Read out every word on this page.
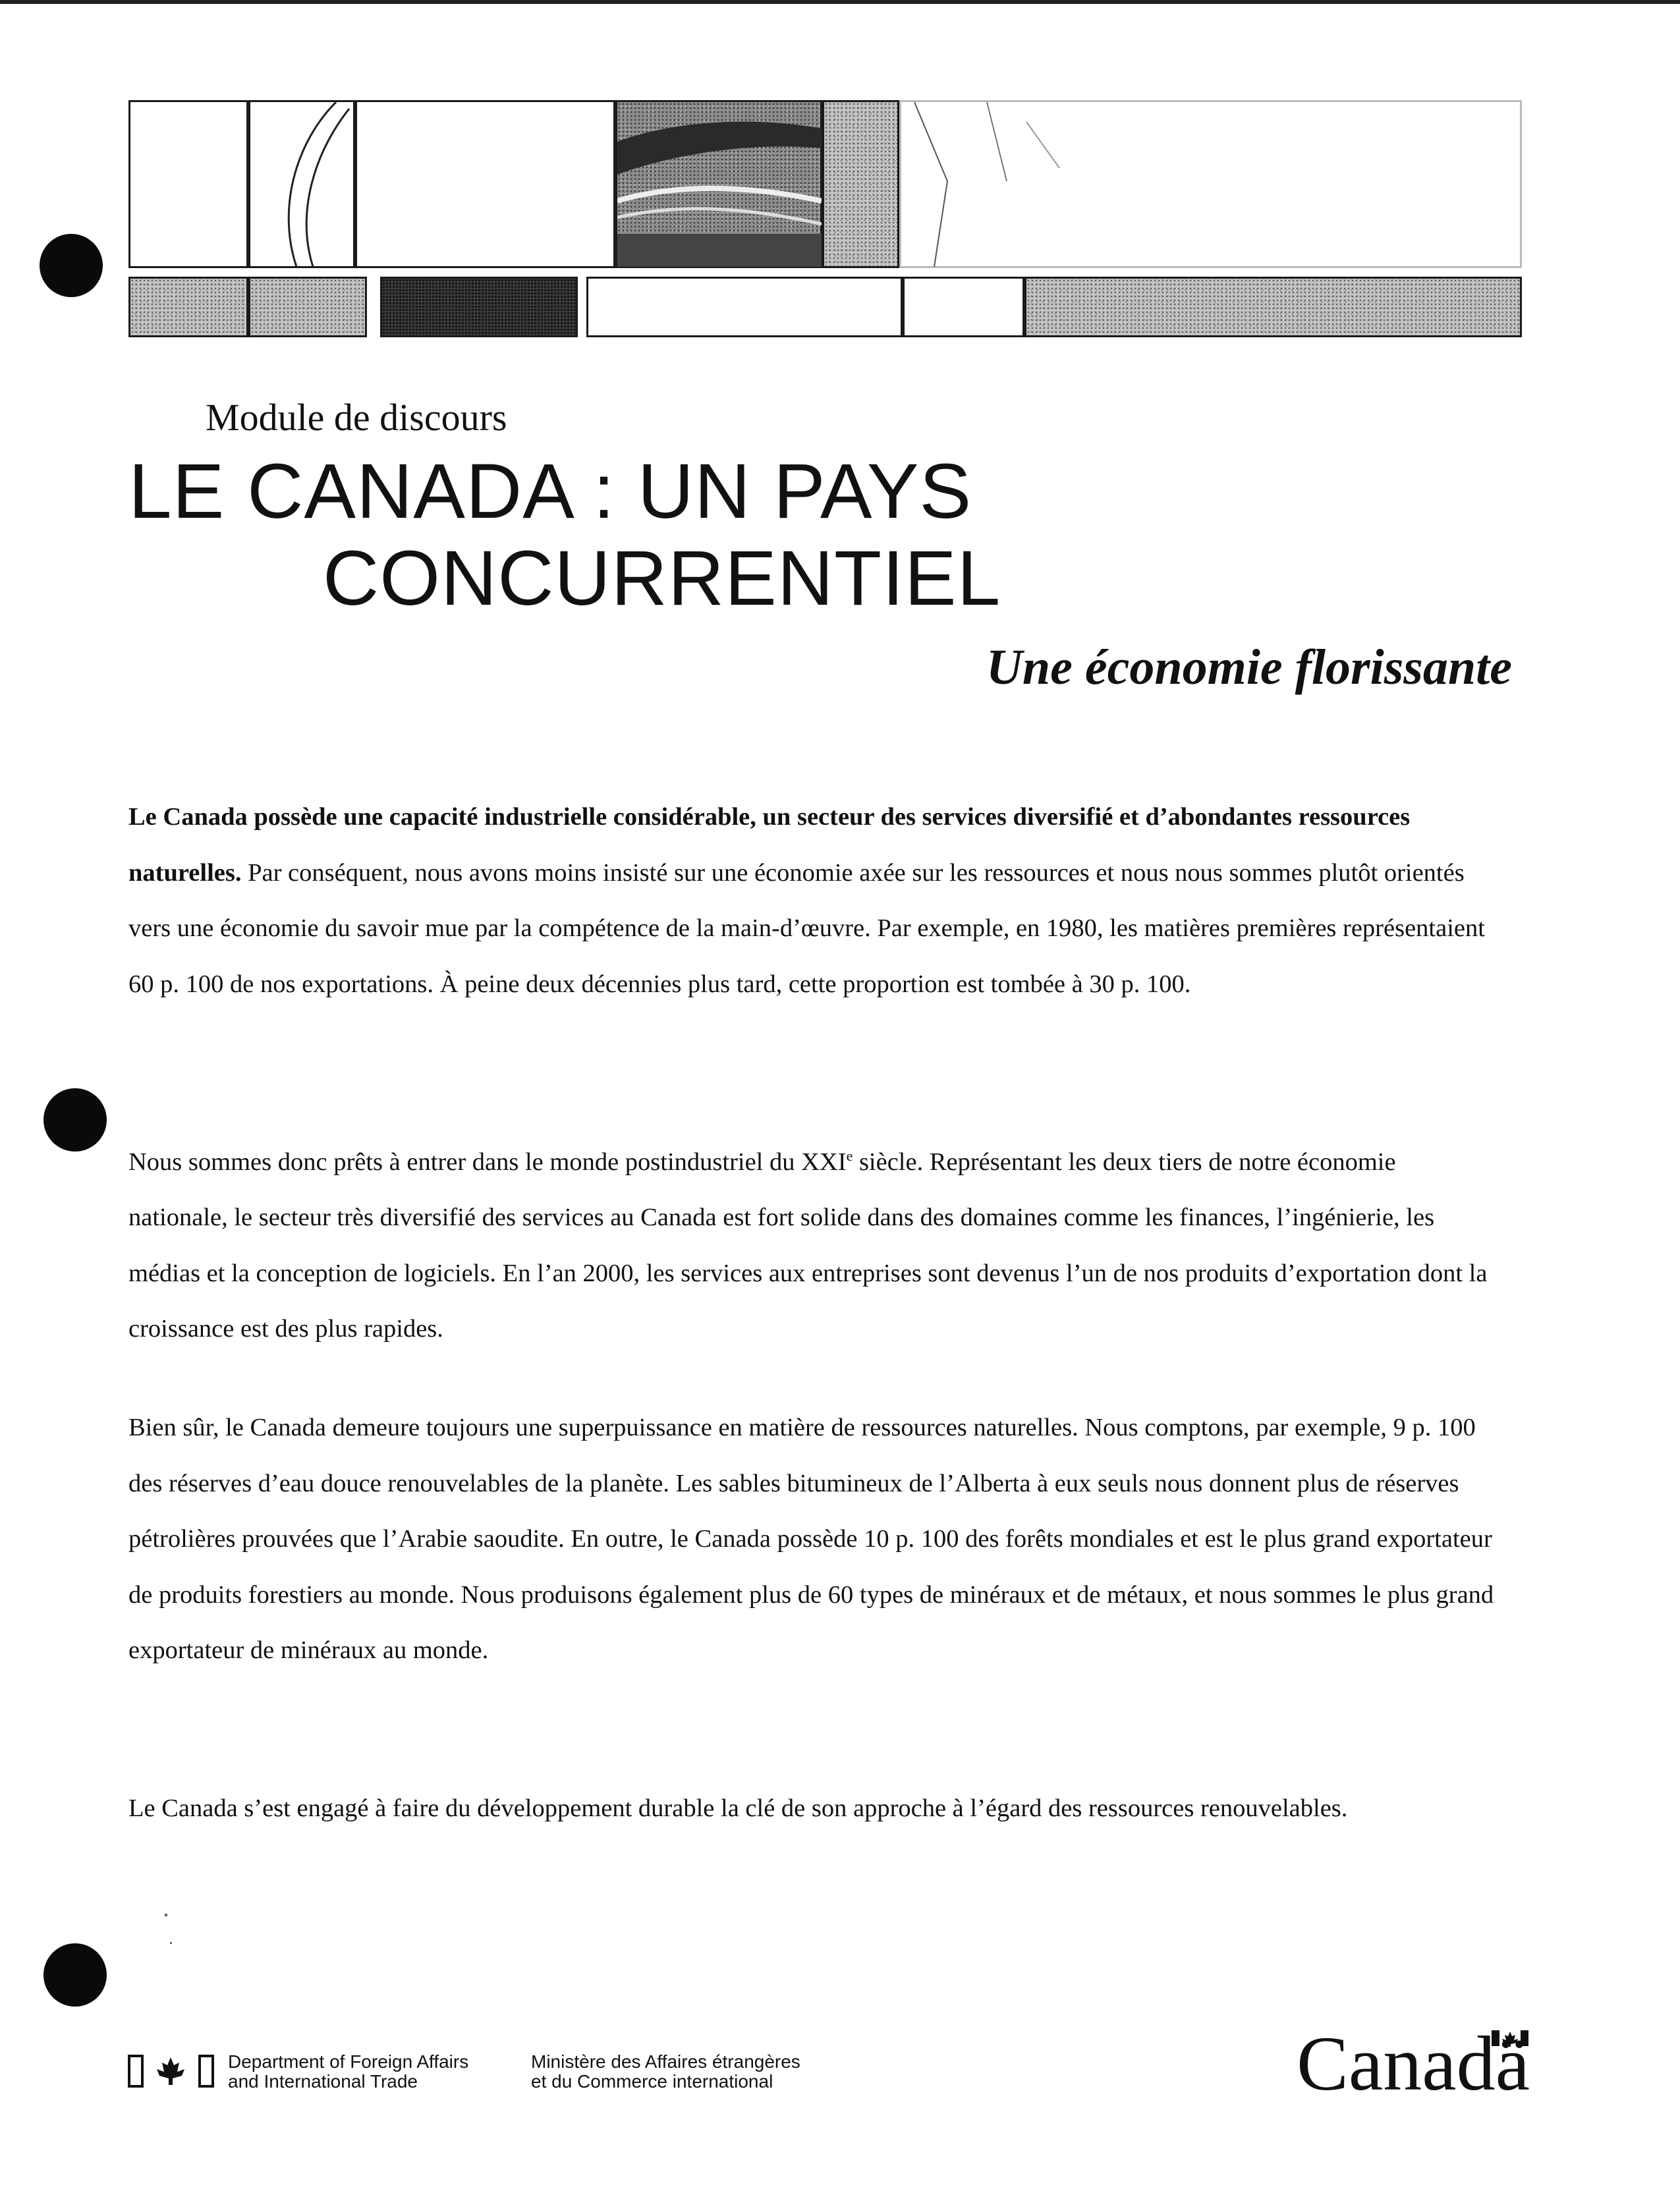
Module de discours
LE CANADA : UN PAYS
CONCURRENTIEL
Une économie florissante

Le Canada possède une capacité industrielle considérable, un secteur des services diversifié et d’abondantes ressources naturelles. Par conséquent, nous avons moins insisté sur une économie axée sur les ressources et nous nous sommes plutôt orientés vers une économie du savoir mue par la compétence de la main-d’œuvre. Par exemple, en 1980, les matières premières représentaient 60 p. 100 de nos exportations. À peine deux décennies plus tard, cette proportion est tombée à 30 p. 100.

Nous sommes donc prêts à entrer dans le monde postindustriel du XXIe siècle. Représentant les deux tiers de notre économie nationale, le secteur très diversifié des services au Canada est fort solide dans des domaines comme les finances, l’ingénierie, les médias et la conception de logiciels. En l’an 2000, les services aux entreprises sont devenus l’un de nos produits d’exportation dont la croissance est des plus rapides.

Bien sûr, le Canada demeure toujours une superpuissance en matière de ressources naturelles. Nous comptons, par exemple, 9 p. 100 des réserves d’eau douce renouvelables de la planète. Les sables bitumineux de l’Alberta à eux seuls nous donnent plus de réserves pétrolières prouvées que l’Arabie saoudite. En outre, le Canada possède 10 p. 100 des forêts mondiales et est le plus grand exportateur de produits forestiers au monde. Nous produisons également plus de 60 types de minéraux et de métaux, et nous sommes le plus grand exportateur de minéraux au monde.

Le Canada s’est engagé à faire du développement durable la clé de son approche à l’égard des ressources renouvelables.

Department of Foreign Affairs
and International Trade
Ministère des Affaires étrangères
et du Commerce international	Canadä
